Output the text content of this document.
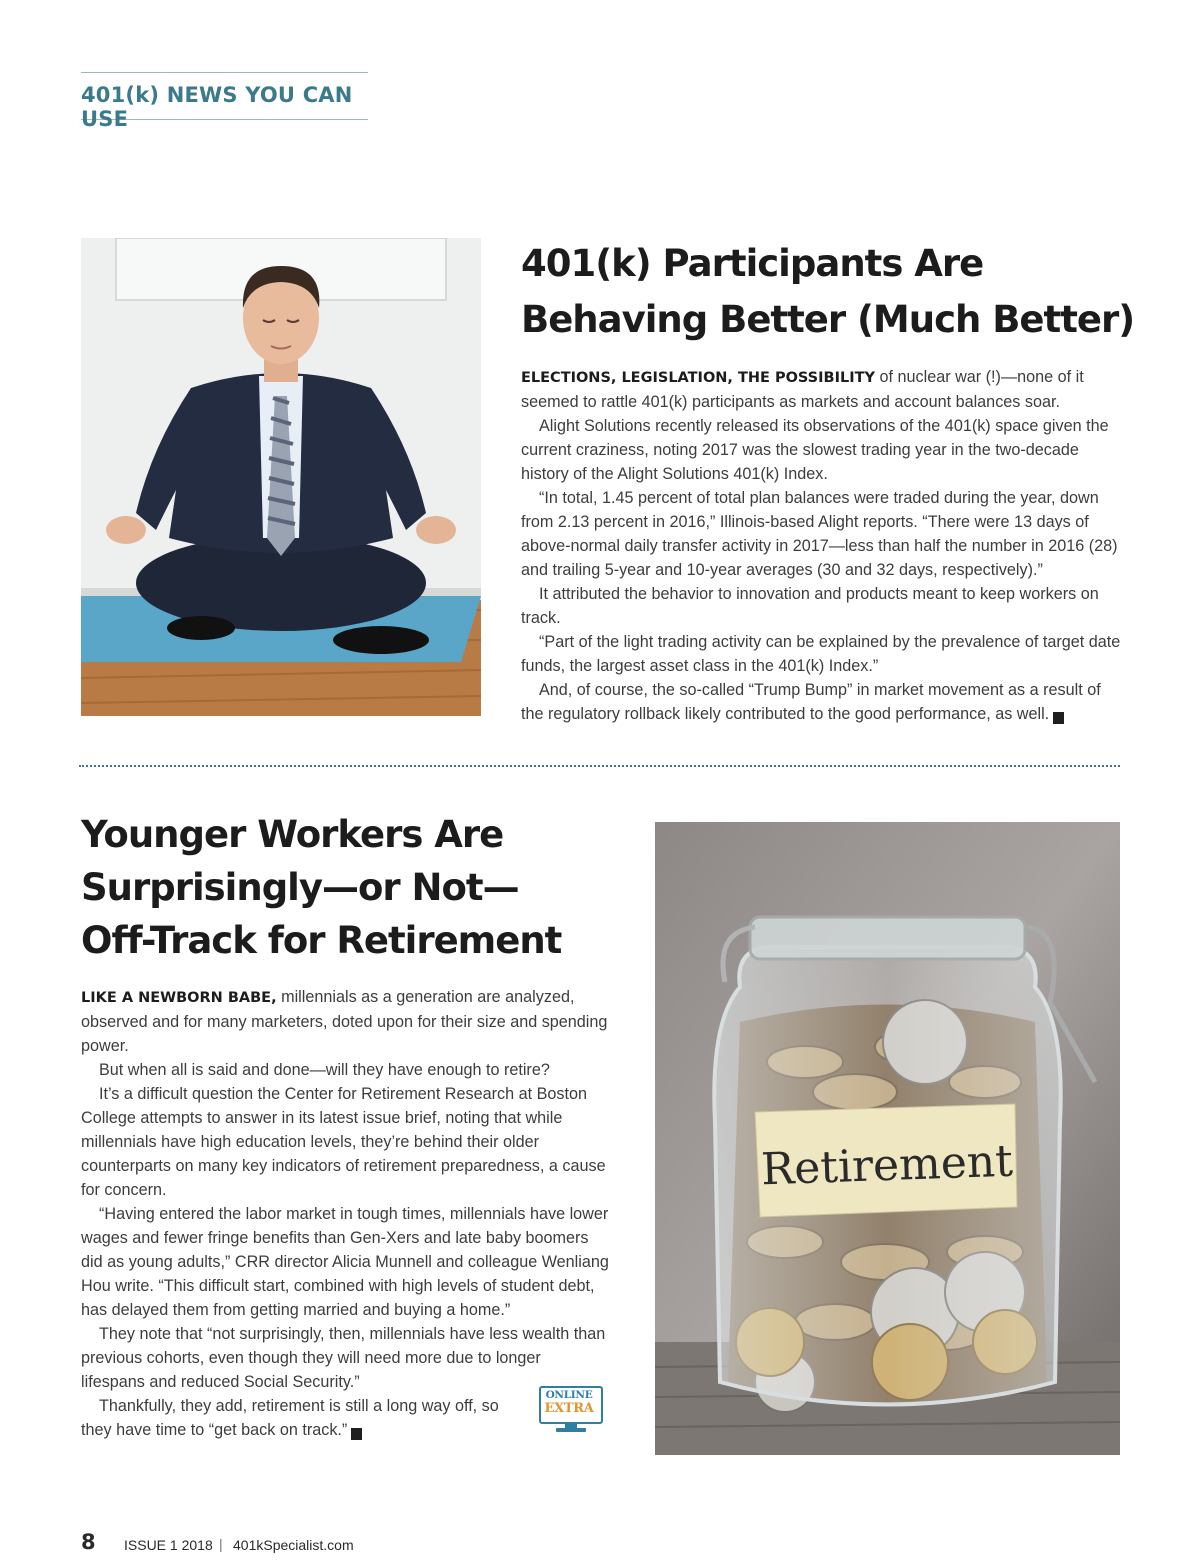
401(k) NEWS YOU CAN USE
401(k) Participants Are
Behaving Better (Much Better)

ELECTIONS, LEGISLATION, THE POSSIBILITY of nuclear war (!)—none of it seemed to rattle 401(k) participants as markets and account balances soar.

Alight Solutions recently released its observations of the 401(k) space given the current craziness, noting 2017 was the slowest trading year in the two-decade history of the Alight Solutions 401(k) Index.

“In total, 1.45 percent of total plan balances were traded during the year, down from 2.13 percent in 2016,” Illinois-based Alight reports. “There were 13 days of above-normal daily transfer activity in 2017—less than half the number in 2016 (28) and trailing 5-year and 10-year averages (30 and 32 days, respectively).”

It attributed the behavior to innovation and products meant to keep workers on track.

“Part of the light trading activity can be explained by the prevalence of target date funds, the largest asset class in the 401(k) Index.”

And, of course, the so-called “Trump Bump” in market movement as a result of the regulatory rollback likely contributed to the good performance, as well. K

Younger Workers Are
Surprisingly—or Not—
Off-Track for Retirement

LIKE A NEWBORN BABE, millennials as a generation are analyzed, observed and for many marketers, doted upon for their size and spending power.

But when all is said and done—will they have enough to retire?

It’s a difficult question the Center for Retirement Research at Boston College attempts to answer in its latest issue brief, noting that while millennials have high education levels, they’re behind their older counterparts on many key indicators of retirement preparedness, a cause for concern.

“Having entered the labor market in tough times, millennials have lower wages and fewer fringe benefits than Gen-Xers and late baby boomers did as young adults,” CRR director Alicia Munnell and colleague Wenliang Hou write. “This difficult start, combined with high levels of student debt, has delayed them from getting married and buying a home.”

They note that “not surprisingly, then, millennials have less wealth than previous cohorts, even though they will need more due to longer lifespans and reduced Social Security.”

Thankfully, they add, retirement is still a long way off, so they have time to “get back on track.” K

ONLINE
EXTRA
Retirement
8 ISSUE 1 2018 | 401kSpecialist.com
